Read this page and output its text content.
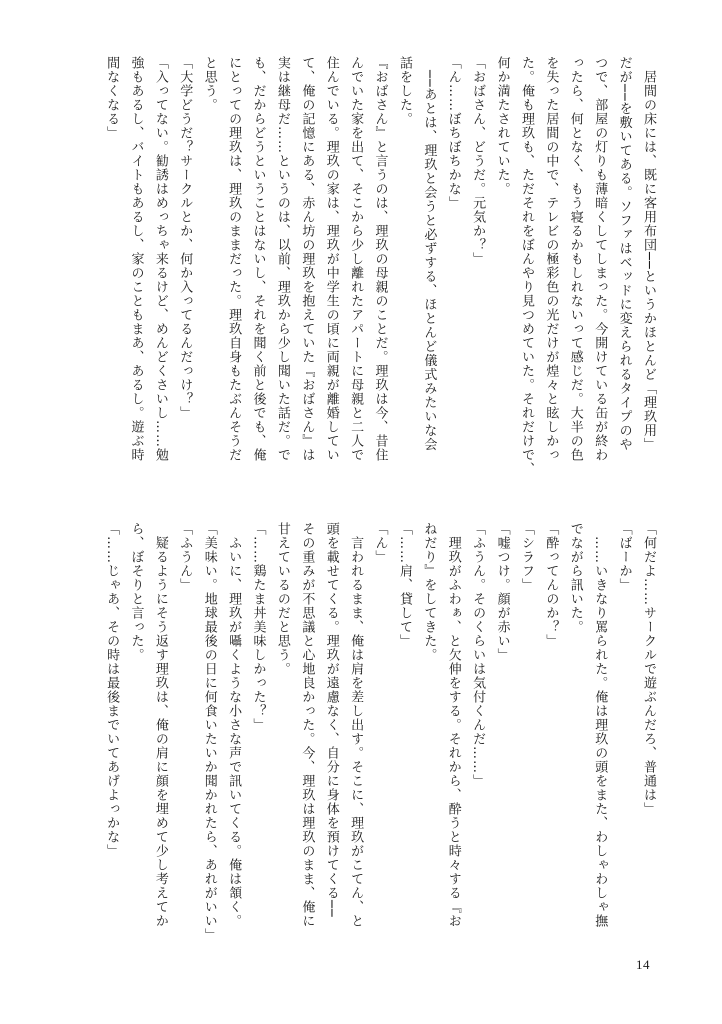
　居間の床には、既に客用布団──というかほとんど「理玖用」

だが──を敷いてある。ソファはベッドに変えられるタイプのや

つで、部屋の灯りも薄暗くしてしまった。今開けている缶が終わ

ったら、何となく、もう寝るかもしれないって感じだ。大半の色

を失った居間の中で、テレビの極彩色の光だけが煌々と眩しかっ

た。俺も理玖も、ただそれをぼんやり見つめていた。それだけで、

何か満たされていた。

「おばさん、どうだ。元気か？」

「ん……ぼちぼちかな」

　──あとは、理玖と会うと必ずする、ほとんど儀式みたいな会

話をした。

『おばさん』と言うのは、理玖の母親のことだ。理玖は今、昔住

んでいた家を出て、そこから少し離れたアパートに母親と二人で

住んでいる。理玖の家は、理玖が中学生の頃に両親が離婚してい

て、俺の記憶にある、赤ん坊の理玖を抱えていた『おばさん』は

実は継母だ……というのは、以前、理玖から少し聞いた話だ。で

も、だからどうということはないし、それを聞く前と後でも、俺

にとっての理玖は、理玖のままだった。理玖自身もたぶんそうだ

と思う。

「大学どうだ？サークルとか、何か入ってるんだっけ？」

「入ってない。勧誘はめっちゃ来るけど、めんどくさいし……勉

強もあるし、バイトもあるし、家のこともまあ、あるし。遊ぶ時

間なくなる」

「何だよ……サークルで遊ぶんだろ、普通は」

「ばーか」

　……いきなり罵られた。俺は理玖の頭をまた、わしゃわしゃ撫

でながら訊いた。

「酔ってんのか？」

「シラフ」

「嘘つけ。顔が赤い」

「ふうん。そのくらいは気付くんだ……」

　理玖がふわぁ、と欠伸をする。それから、酔うと時々する『お

ねだり』をしてきた。

「……肩、貸して」

「ん」

　言われるまま、俺は肩を差し出す。そこに、理玖がこてん、と

頭を載せてくる。理玖が遠慮なく、自分に身体を預けてくる──

その重みが不思議と心地良かった。今、理玖は理玖のまま、俺に

甘えているのだと思う。

「……鶏たま丼美味しかった？」

　ふいに、理玖が囁くような小さな声で訊いてくる。俺は頷く。

「美味い。地球最後の日に何食いたいか聞かれたら、あれがいい」

「ふうん」

　疑るようにそう返す理玖は、俺の肩に顔を埋めて少し考えてか

ら、ぼそりと言った。

「……じゃあ、その時は最後までいてあげよっかな」

14
